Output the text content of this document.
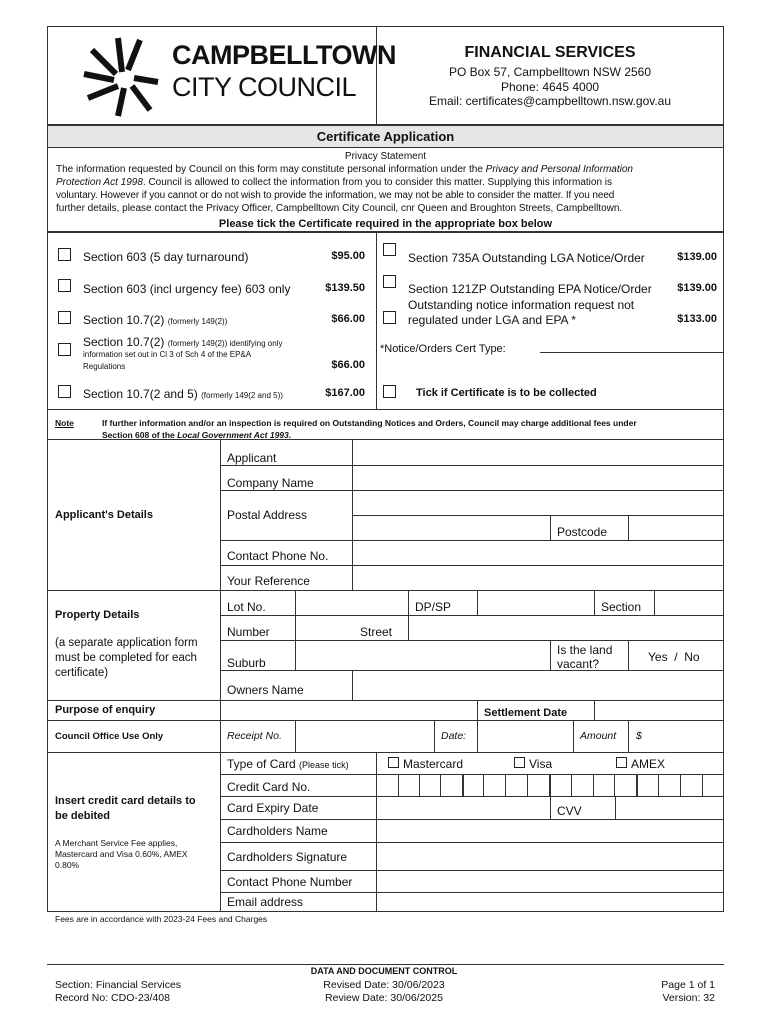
CAMPBELLTOWN
CITY COUNCIL
FINANCIAL SERVICES
PO Box 57, Campbelltown NSW 2560
Phone: 4645 4000
Email: certificates@campbelltown.nsw.gov.au
Certificate Application
Privacy Statement
The information requested by Council on this form may constitute personal information under the Privacy and Personal Information
Protection Act 1998. Council is allowed to collect the information from you to consider this matter. Supplying this information is
voluntary. However if you cannot or do not wish to provide the information, we may not be able to consider the matter. If you need
further details, please contact the Privacy Officer, Campbelltown City Council, cnr Queen and Broughton Streets, Campbelltown.
Please tick the Certificate required in the appropriate box below
Section 603 (5 day turnaround)	$95.00
Section 603 (incl urgency fee) 603 only	$139.50
Section 10.7(2) (formerly 149(2))	$66.00
Section 10.7(2) (formerly 149(2)) identifying only
information set out in Cl 3 of Sch 4 of the EP&A
Regulations	$66.00
Section 10.7(2 and 5) (formerly 149(2 and 5))	$167.00
Section 735A Outstanding LGA Notice/Order	$139.00
Section 121ZP Outstanding EPA Notice/Order	$139.00
Outstanding notice information request not
regulated under LGA and EPA *	$133.00
*Notice/Orders Cert Type:
Tick if Certificate is to be collected
Note	If further information and/or an inspection is required on Outstanding Notices and Orders, Council may charge additional fees under
Section 608 of the Local Government Act 1993.
Applicant's Details
Applicant
Company Name
Postal Address
Postcode
Contact Phone No.
Your Reference
Property Details
(a separate application form
must be completed for each
certificate)
Lot No.	DP/SP	Section
Number	Street
Suburb
Is the land
vacant?	Yes  /  No
Owners Name
Purpose of enquiry	Settlement Date
Council Office Use Only	Receipt No.	Date:	Amount $
Insert credit card details to
be debited
A Merchant Service Fee applies,
Mastercard and Visa 0.60%, AMEX
0.80%
Type of Card (Please tick)	Mastercard	Visa	AMEX
Credit Card No.
Card Expiry Date	CVV
Cardholders Name
Cardholders Signature
Contact Phone Number
Email address
Fees are in accordance with 2023-24 Fees and Charges
Section: Financial Services
Record No: CDO-23/408
DATA AND DOCUMENT CONTROL
Revised Date: 30/06/2023
Review Date: 30/06/2025
Page 1 of 1
Version: 32
